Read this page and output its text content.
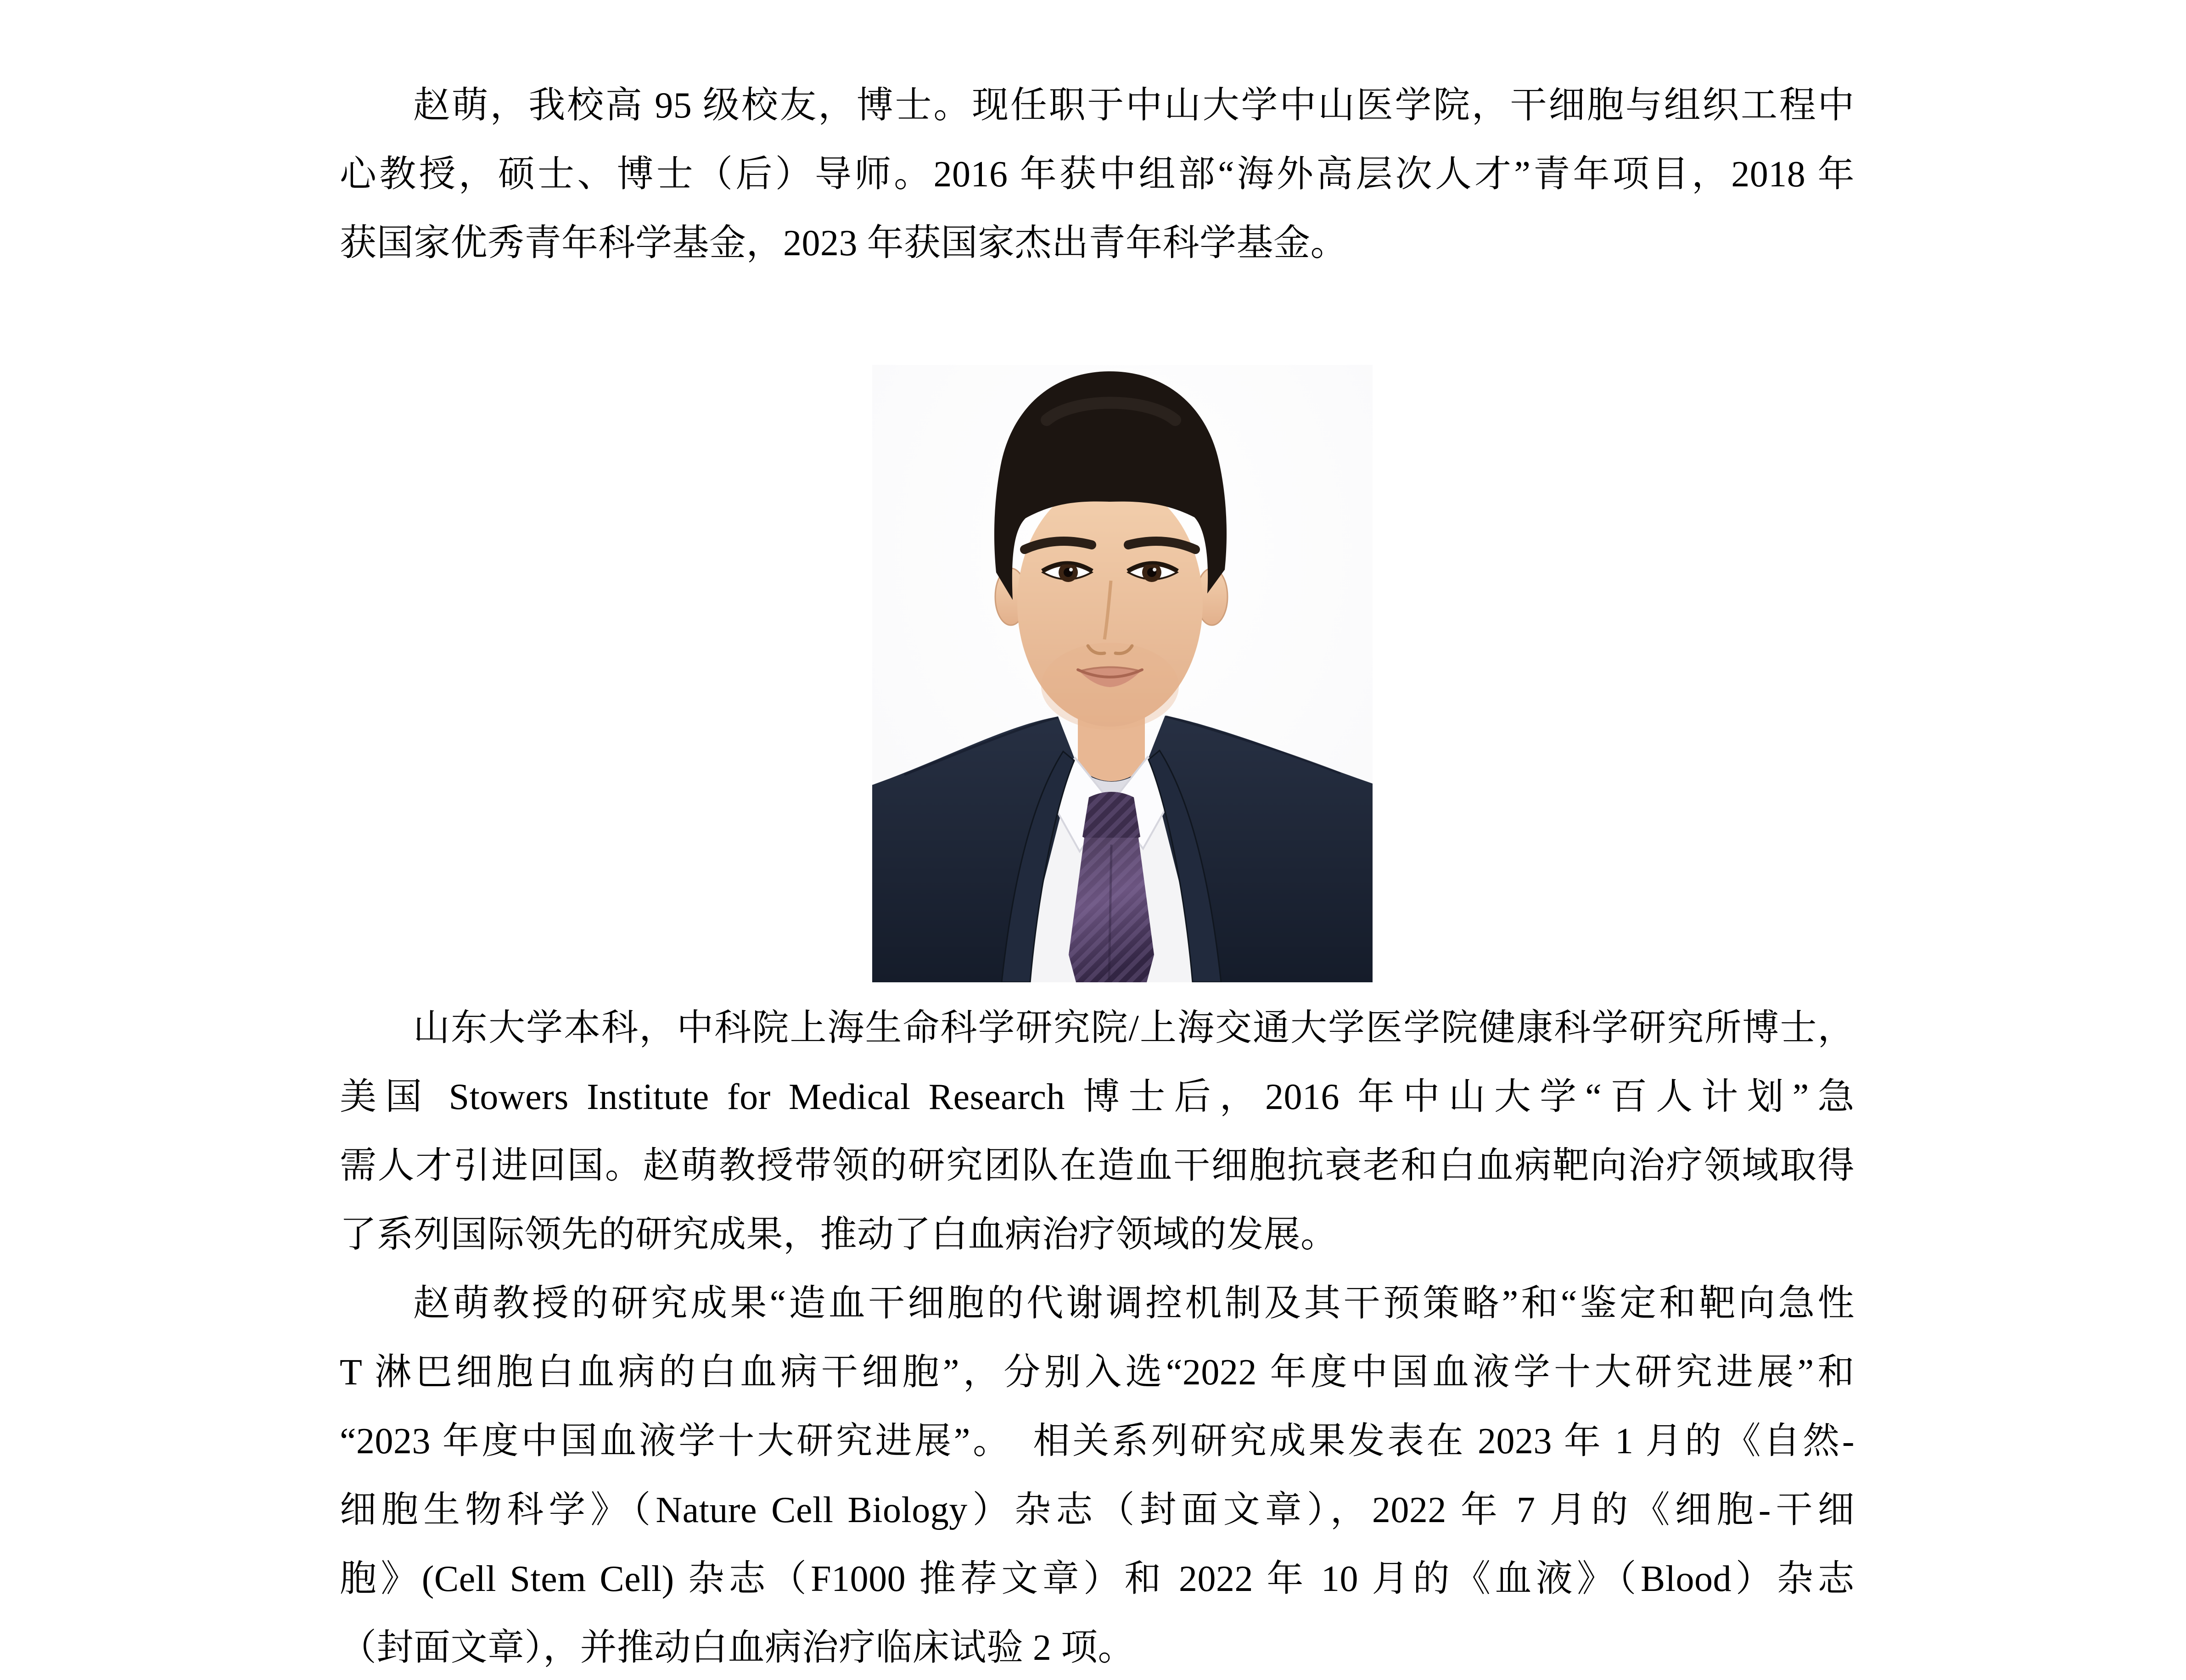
赵萌，我校高 95 级校友，博士。现任职于中山大学中山医学院，干细胞与组织工程中
心教授，硕士、博士（后）导师。2016 年获中组部“海外高层次人才”青年项目，2018 年
获国家优秀青年科学基金，2023 年获国家杰出青年科学基金。
山东大学本科，中科院上海生命科学研究院/上海交通大学医学院健康科学研究所博士，
美国 Stowers Institute for Medical Research 博士后，2016 年中山大学“百人计划”急
需人才引进回国。赵萌教授带领的研究团队在造血干细胞抗衰老和白血病靶向治疗领域取得
了系列国际领先的研究成果，推动了白血病治疗领域的发展。
赵萌教授的研究成果“造血干细胞的代谢调控机制及其干预策略”和“鉴定和靶向急性
T 淋巴细胞白血病的白血病干细胞”，分别入选“2022 年度中国血液学十大研究进展”和
“2023 年度中国血液学十大研究进展”。　相关系列研究成果发表在 2023 年 1 月的《自然-
细胞生物科学》（Nature Cell Biology）杂志（封面文章），2022 年 7 月的《细胞-干细
胞》(Cell Stem Cell) 杂志（F1000 推荐文章）和 2022 年 10 月的《血液》（Blood）杂志
（封面文章），并推动白血病治疗临床试验 2 项。
